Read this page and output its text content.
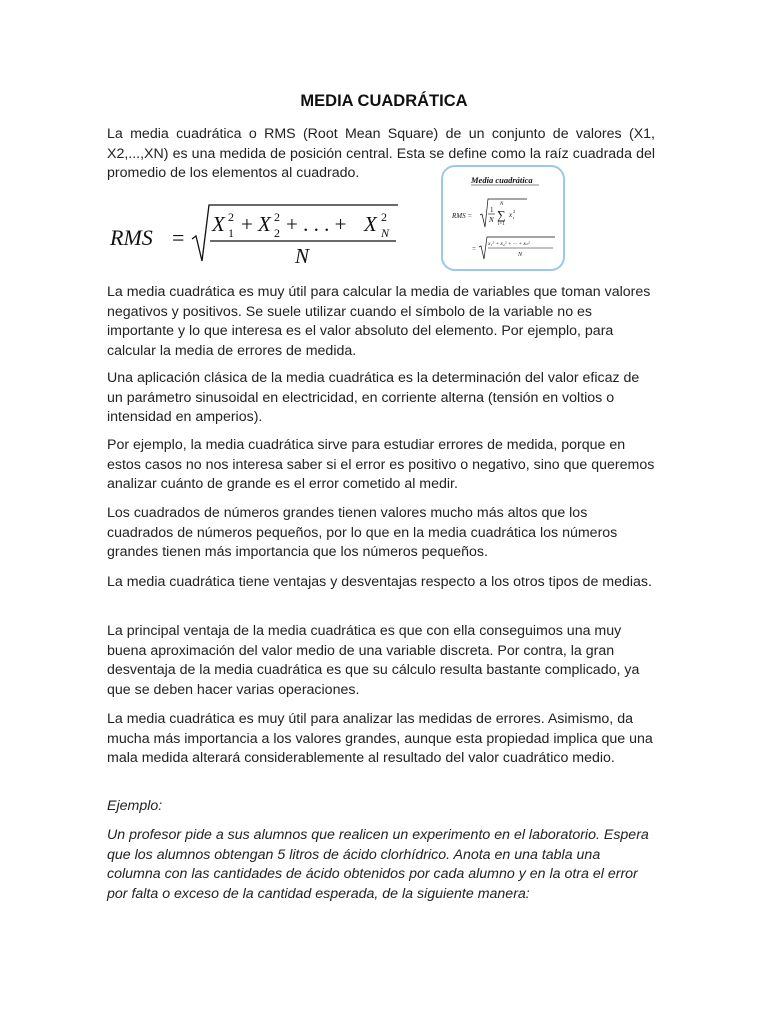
MEDIA CUADRÁTICA

La media cuadrática o RMS (Root Mean Square) de un conjunto de valores (X1, X2,...,XN) es una medida de posición central. Esta se define como la raíz cuadrada del promedio de los elementos al cuadrado.

RMS =
X 1
2 + X 2
2 + . . . + X N
2
N
Media cuadrática
RMS =
1
N
N
∑
i=1
x i
2
=
x₁² + x₂² + ··· + xₙ²
N

La media cuadrática es muy útil para calcular la media de variables que toman valores negativos y positivos. Se suele utilizar cuando el símbolo de la variable no es importante y lo que interesa es el valor absoluto del elemento. Por ejemplo, para calcular la media de errores de medida.

Una aplicación clásica de la media cuadrática es la determinación del valor eficaz de un parámetro sinusoidal en electricidad, en corriente alterna (tensión en voltios o intensidad en amperios).

Por ejemplo, la media cuadrática sirve para estudiar errores de medida, porque en estos casos no nos interesa saber si el error es positivo o negativo, sino que queremos analizar cuánto de grande es el error cometido al medir.

Los cuadrados de números grandes tienen valores mucho más altos que los cuadrados de números pequeños, por lo que en la media cuadrática los números grandes tienen más importancia que los números pequeños.

La media cuadrática tiene ventajas y desventajas respecto a los otros tipos de medias.

La principal ventaja de la media cuadrática es que con ella conseguimos una muy buena aproximación del valor medio de una variable discreta. Por contra, la gran desventaja de la media cuadrática es que su cálculo resulta bastante complicado, ya que se deben hacer varias operaciones.

La media cuadrática es muy útil para analizar las medidas de errores. Asimismo, da mucha más importancia a los valores grandes, aunque esta propiedad implica que una mala medida alterará considerablemente al resultado del valor cuadrático medio.

Ejemplo:

Un profesor pide a sus alumnos que realicen un experimento en el laboratorio. Espera que los alumnos obtengan 5 litros de ácido clorhídrico. Anota en una tabla una columna con las cantidades de ácido obtenidos por cada alumno y en la otra el error por falta o exceso de la cantidad esperada, de la siguiente manera:
